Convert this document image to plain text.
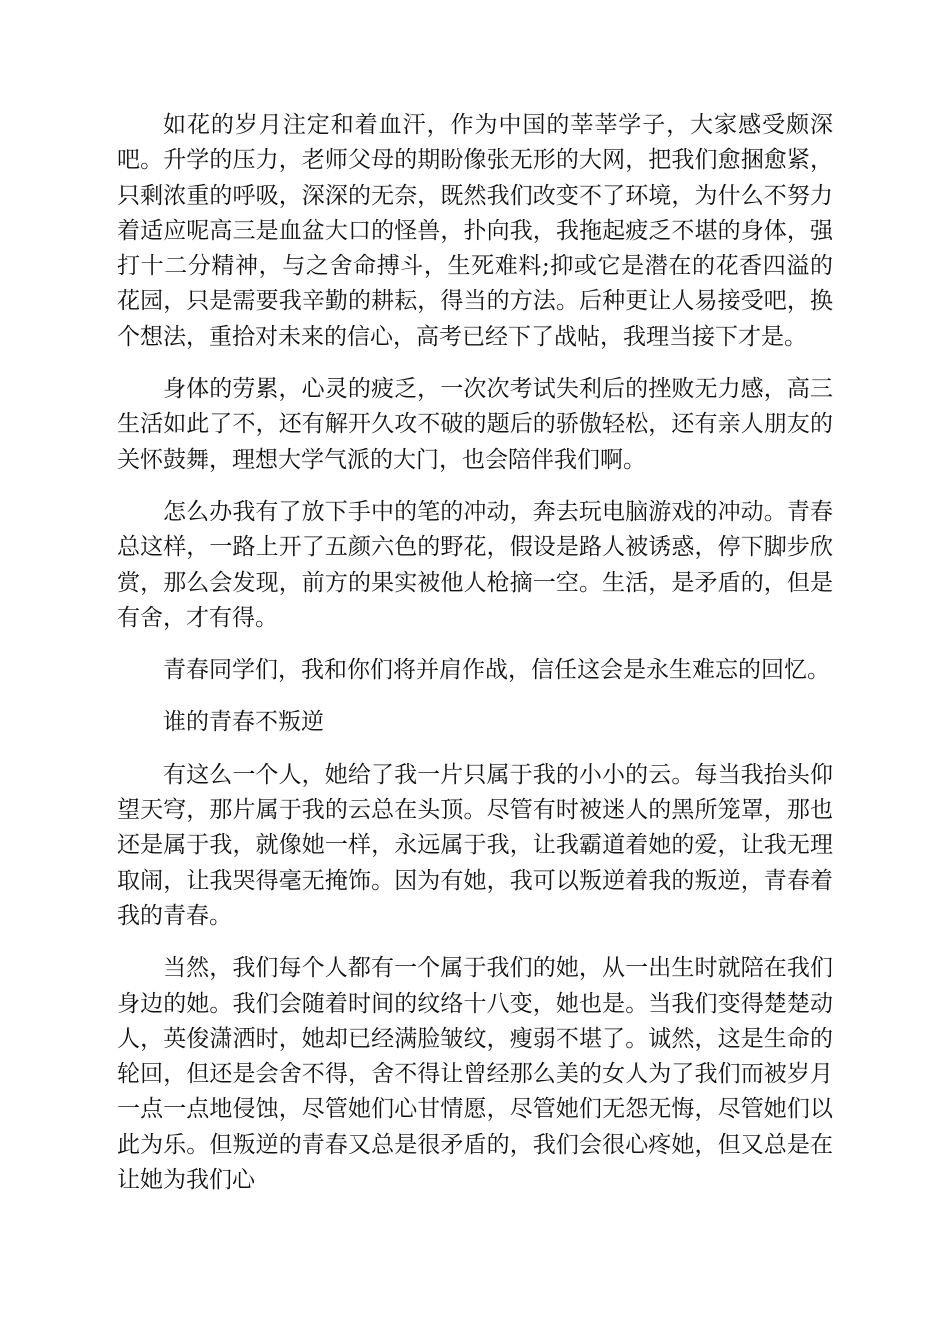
如花的岁月注定和着血汗，作为中国的莘莘学子，大家感受颇深吧。升学的压力，老师父母的期盼像张无形的大网，把我们愈捆愈紧，只剩浓重的呼吸，深深的无奈，既然我们改变不了环境，为什么不努力着适应呢高三是血盆大口的怪兽，扑向我，我拖起疲乏不堪的身体，强打十二分精神，与之舍命搏斗，生死难料;抑或它是潜在的花香四溢的花园，只是需要我辛勤的耕耘，得当的方法。后种更让人易接受吧，换个想法，重拾对未来的信心，高考已经下了战帖，我理当接下才是。

身体的劳累，心灵的疲乏，一次次考试失利后的挫败无力感，高三生活如此了不，还有解开久攻不破的题后的骄傲轻松，还有亲人朋友的关怀鼓舞，理想大学气派的大门，也会陪伴我们啊。

怎么办我有了放下手中的笔的冲动，奔去玩电脑游戏的冲动。青春总这样，一路上开了五颜六色的野花，假设是路人被诱惑，停下脚步欣赏，那么会发现，前方的果实被他人枪摘一空。生活，是矛盾的，但是有舍，才有得。

青春同学们，我和你们将并肩作战，信任这会是永生难忘的回忆。

谁的青春不叛逆

有这么一个人，她给了我一片只属于我的小小的云。每当我抬头仰望天穹，那片属于我的云总在头顶。尽管有时被迷人的黑所笼罩，那也还是属于我，就像她一样，永远属于我，让我霸道着她的爱，让我无理取闹，让我哭得毫无掩饰。因为有她，我可以叛逆着我的叛逆，青春着我的青春。

当然，我们每个人都有一个属于我们的她，从一出生时就陪在我们身边的她。我们会随着时间的纹络十八变，她也是。当我们变得楚楚动人，英俊潇洒时，她却已经满脸皱纹，瘦弱不堪了。诚然，这是生命的轮回，但还是会舍不得，舍不得让曾经那么美的女人为了我们而被岁月一点一点地侵蚀，尽管她们心甘情愿，尽管她们无怨无悔，尽管她们以此为乐。但叛逆的青春又总是很矛盾的，我们会很心疼她，但又总是在让她为我们心
